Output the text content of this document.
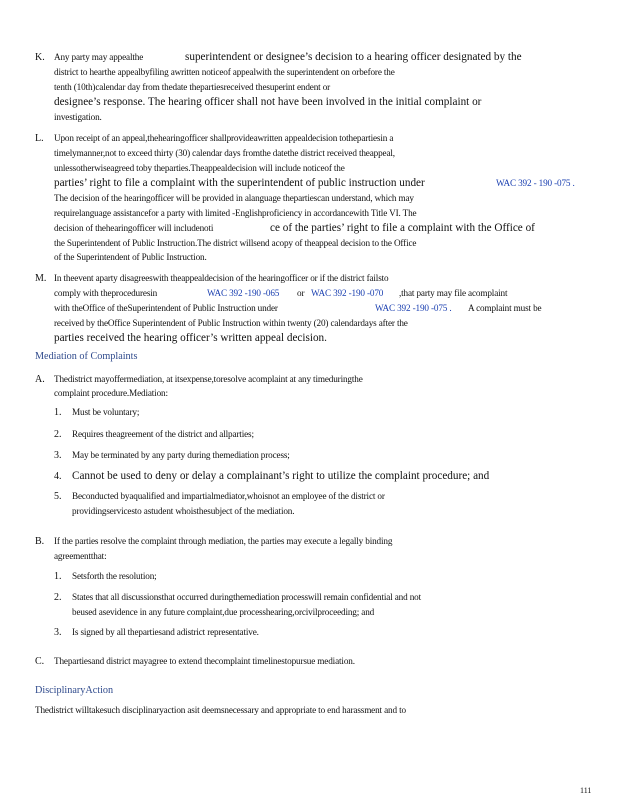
K. Any party may appealthe	superintendent or designee’s decision to a hearing officer designated by the
district to hearthe appealbyfiling awritten noticeof appealwith the superintendent on orbefore the
tenth (10th)calendar day from thedate thepartiesreceived thesuperint endent or
designee’s response. The hearing officer shall not have been involved in the initial complaint or
investigation.
L. Upon receipt of an appeal,thehearingofficer shallprovideawritten appealdecision tothepartiesin a
timelymanner,not to exceed thirty (30) calendar days fromthe datethe district received theappeal,
unlessotherwiseagreed toby theparties.Theappealdecision will include noticeof the
parties’ right to file a complaint with the superintendent of public instruction under	WAC 392 - 190 -075 .
The decision of the hearingofficer will be provided in alanguage thepartiescan understand, which may
requirelanguage assistancefor a party with limited -Englishproficiency in accordancewith Title VI. The
decision of thehearingofficer will includenoti	ce of the parties’ right to file a complaint with the Office of
the Superintendent of Public Instruction.The district willsend acopy of theappeal decision to the Office
of the Superintendent of Public Instruction.
M. In theevent aparty disagreeswith theappealdecision of the hearingofficer or if the district failsto
comply with theproceduresin	WAC 392 -190 -065 or WAC 392 -190 -070 ,that party may file acomplaint
with theOffice of theSuperintendent of Public Instruction under	WAC 392 -190 -075 . A complaint must be
received by theOffice Superintendent of Public Instruction within twenty (20) calendardays after the
parties received the hearing officer’s written appeal decision.
Mediation of Complaints
A. Thedistrict mayoffermediation, at itsexpense,toresolve acomplaint at any timeduringthe
complaint procedure.Mediation:
1. Must be voluntary;
2. Requires theagreement of the district and allparties;
3. May be terminated by any party during themediation process;
4. Cannot be used to deny or delay a complainant’s right to utilize the complaint procedure; and
5. Beconducted byaqualified and impartialmediator,whoisnot an employee of the district or
providingservicesto astudent whoisthesubject of the mediation.
B. If the parties resolve the complaint through mediation, the parties may execute a legally binding
agreementthat:
1. Setsforth the resolution;
2. States that all discussionsthat occurred duringthemediation processwill remain confidential and not
beused asevidence in any future complaint,due processhearing,orcivilproceeding; and
3. Is signed by all thepartiesand adistrict representative.
C. Thepartiesand district mayagree to extend thecomplaint timelinestopursue mediation.
DisciplinaryAction
Thedistrict willtakesuch disciplinaryaction asit deemsnecessary and appropriate to end harassment and to
111
